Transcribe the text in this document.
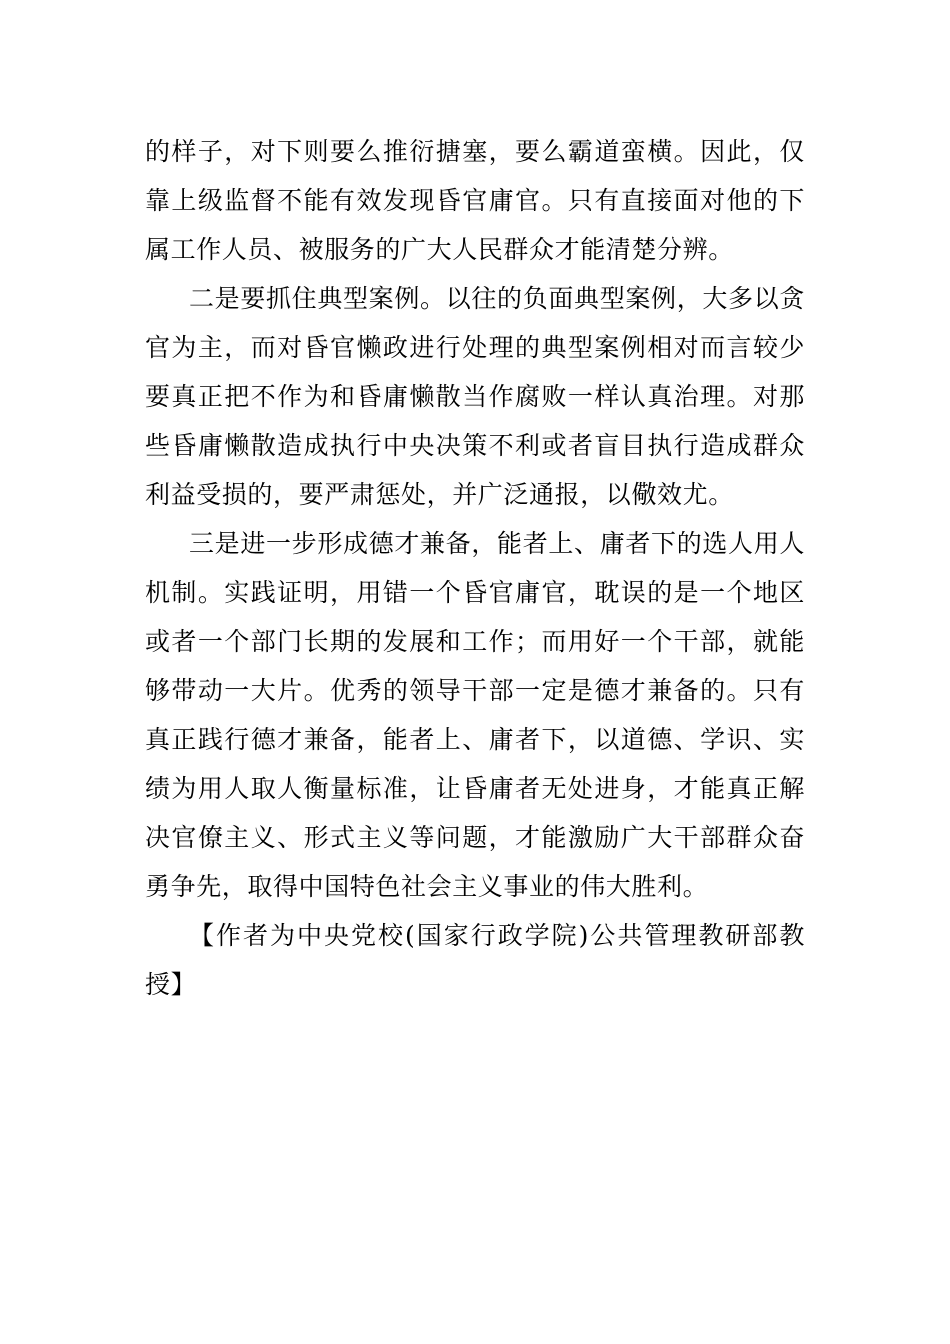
的样子，对下则要么推衍搪塞，要么霸道蛮横。因此，仅靠上级监督不能有效发现昏官庸官。只有直接面对他的下属工作人员、被服务的广大人民群众才能清楚分辨。

二是要抓住典型案例。以往的负面典型案例，大多以贪官为主，而对昏官懒政进行处理的典型案例相对而言较少要真正把不作为和昏庸懒散当作腐败一样认真治理。对那些昏庸懒散造成执行中央决策不利或者盲目执行造成群众利益受损的，要严肃惩处，并广泛通报，以儆效尤。

三是进一步形成德才兼备，能者上、庸者下的选人用人机制。实践证明，用错一个昏官庸官，耽误的是一个地区或者一个部门长期的发展和工作；而用好一个干部，就能够带动一大片。优秀的领导干部一定是德才兼备的。只有真正践行德才兼备，能者上、庸者下，以道德、学识、实绩为用人取人衡量标准，让昏庸者无处进身，才能真正解决官僚主义、形式主义等问题，才能激励广大干部群众奋勇争先，取得中国特色社会主义事业的伟大胜利。

【作者为中央党校(国家行政学院)公共管理教研部教授】
